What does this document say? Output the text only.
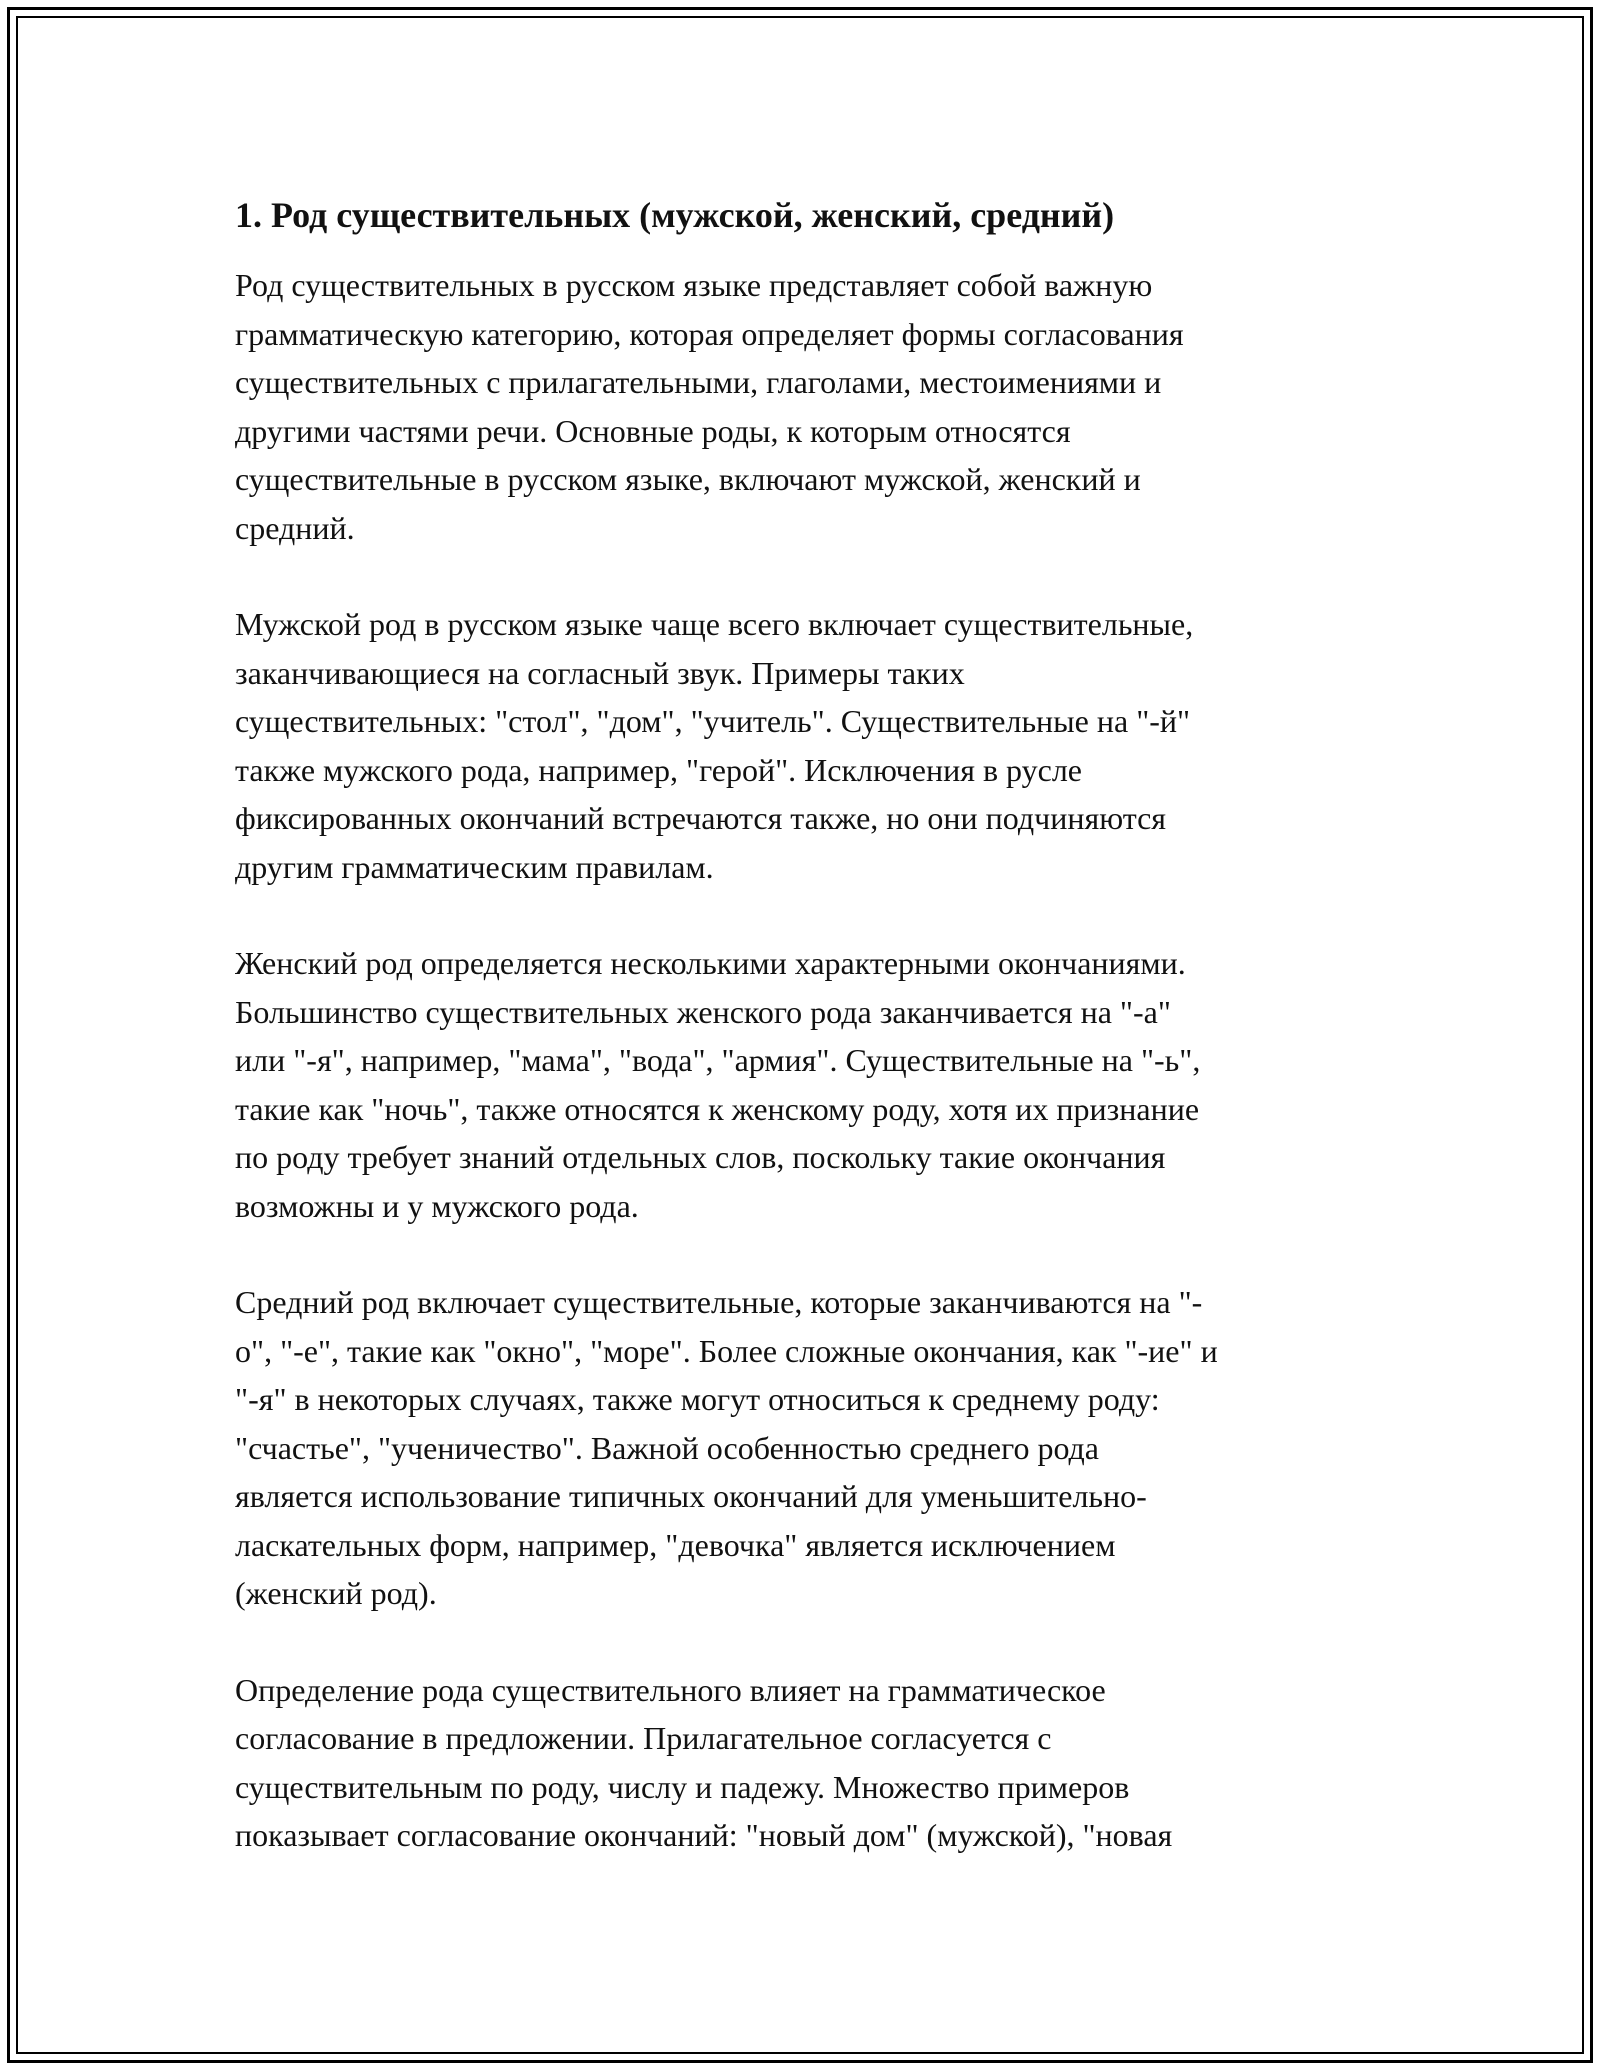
1. Род существительных (мужской, женский, средний)

Род существительных в русском языке представляет собой важную
грамматическую категорию, которая определяет формы согласования
существительных с прилагательными, глаголами, местоимениями и
другими частями речи. Основные роды, к которым относятся
существительные в русском языке, включают мужской, женский и
средний.

Мужской род в русском языке чаще всего включает существительные,
заканчивающиеся на согласный звук. Примеры таких
существительных: "стол", "дом", "учитель". Существительные на "-й"
также мужского рода, например, "герой". Исключения в русле
фиксированных окончаний встречаются также, но они подчиняются
другим грамматическим правилам.

Женский род определяется несколькими характерными окончаниями.
Большинство существительных женского рода заканчивается на "-а"
или "-я", например, "мама", "вода", "армия". Существительные на "-ь",
такие как "ночь", также относятся к женскому роду, хотя их признание
по роду требует знаний отдельных слов, поскольку такие окончания
возможны и у мужского рода.

Средний род включает существительные, которые заканчиваются на "-
о", "-е", такие как "окно", "море". Более сложные окончания, как "-ие" и
"-я" в некоторых случаях, также могут относиться к среднему роду:
"счастье", "ученичество". Важной особенностью среднего рода
является использование типичных окончаний для уменьшительно-
ласкательных форм, например, "девочка" является исключением
(женский род).

Определение рода существительного влияет на грамматическое
согласование в предложении. Прилагательное согласуется с
существительным по роду, числу и падежу. Множество примеров
показывает согласование окончаний: "новый дом" (мужской), "новая
